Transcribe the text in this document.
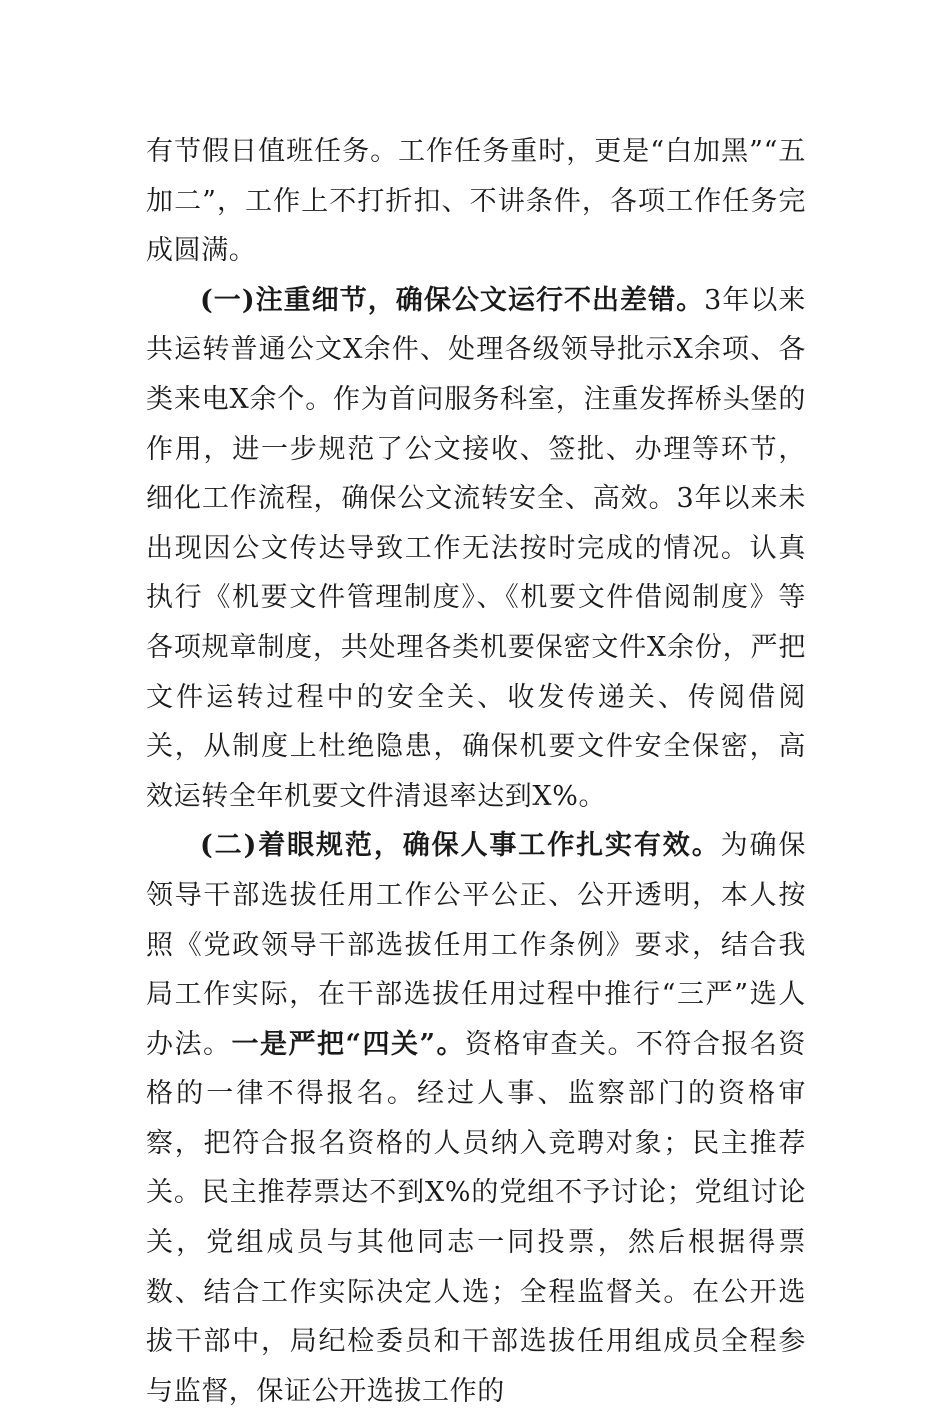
有节假日值班任务。工作任务重时，更是“白加黑”“五加二”，工作上不打折扣、不讲条件，各项工作任务完成圆满。

(一)注重细节，确保公文运行不出差错。3年以来共运转普通公文X余件、处理各级领导批示X余项、各类来电X余个。作为首问服务科室，注重发挥桥头堡的作用，进一步规范了公文接收、签批、办理等环节，细化工作流程，确保公文流转安全、高效。3年以来未出现因公文传达导致工作无法按时完成的情况。认真执行《机要文件管理制度》、《机要文件借阅制度》等各项规章制度，共处理各类机要保密文件X余份，严把文件运转过程中的安全关、收发传递关、传阅借阅关，从制度上杜绝隐患，确保机要文件安全保密，高效运转全年机要文件清退率达到X%。

(二)着眼规范，确保人事工作扎实有效。为确保领导干部选拔任用工作公平公正、公开透明，本人按照《党政领导干部选拔任用工作条例》要求，结合我局工作实际，在干部选拔任用过程中推行“三严”选人办法。一是严把“四关”。资格审查关。不符合报名资格的一律不得报名。经过人事、监察部门的资格审察，把符合报名资格的人员纳入竞聘对象；民主推荐关。民主推荐票达不到X%的党组不予讨论；党组讨论关，党组成员与其他同志一同投票，然后根据得票数、结合工作实际决定人选；全程监督关。在公开选拔干部中，局纪检委员和干部选拔任用组成员全程参与监督，保证公开选拔工作的
